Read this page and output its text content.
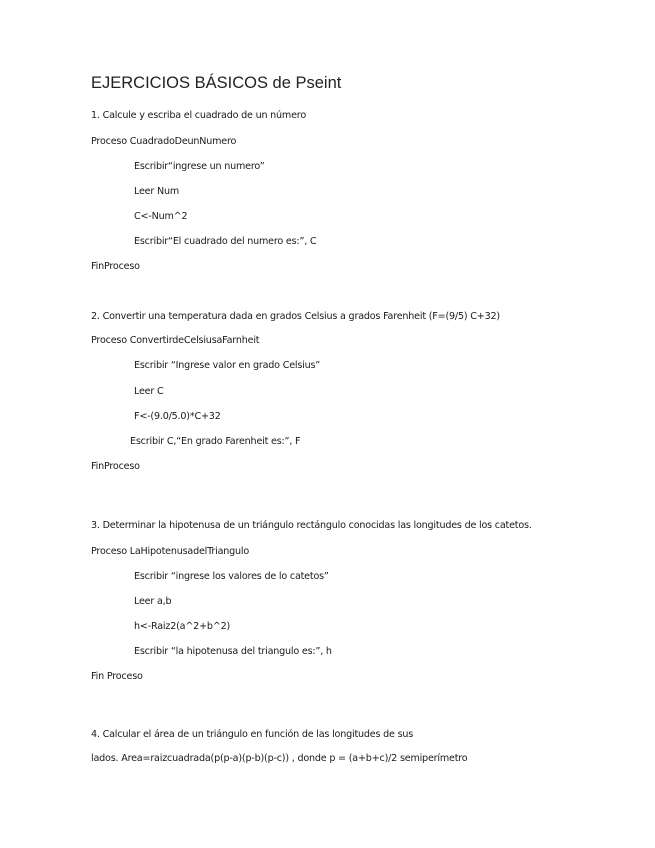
EJERCICIOS BÁSICOS de Pseint
1. Calcule y escriba el cuadrado de un número
Proceso CuadradoDeunNumero
Escribir“ingrese un numero”
Leer Num
C<-Num^2
Escribir“El cuadrado del numero es:”, C
FinProceso
2. Convertir una temperatura dada en grados Celsius a grados Farenheit (F=(9/5) C+32)
Proceso ConvertirdeCelsiusaFarnheit
Escribir “Ingrese valor en grado Celsius”
Leer C
F<-(9.0/5.0)*C+32
Escribir C,“En grado Farenheit es:”, F
FinProceso
3. Determinar la hipotenusa de un triángulo rectángulo conocidas las longitudes de los catetos.
Proceso LaHipotenusadelTriangulo
Escribir “ingrese los valores de lo catetos”
Leer a,b
h<-Raiz2(a^2+b^2)
Escribir “la hipotenusa del triangulo es:”, h
Fin Proceso
4. Calcular el área de un triángulo en función de las longitudes de sus
lados. Area=raizcuadrada(p(p-a)(p-b)(p-c)) , donde p = (a+b+c)/2 semiperímetro
